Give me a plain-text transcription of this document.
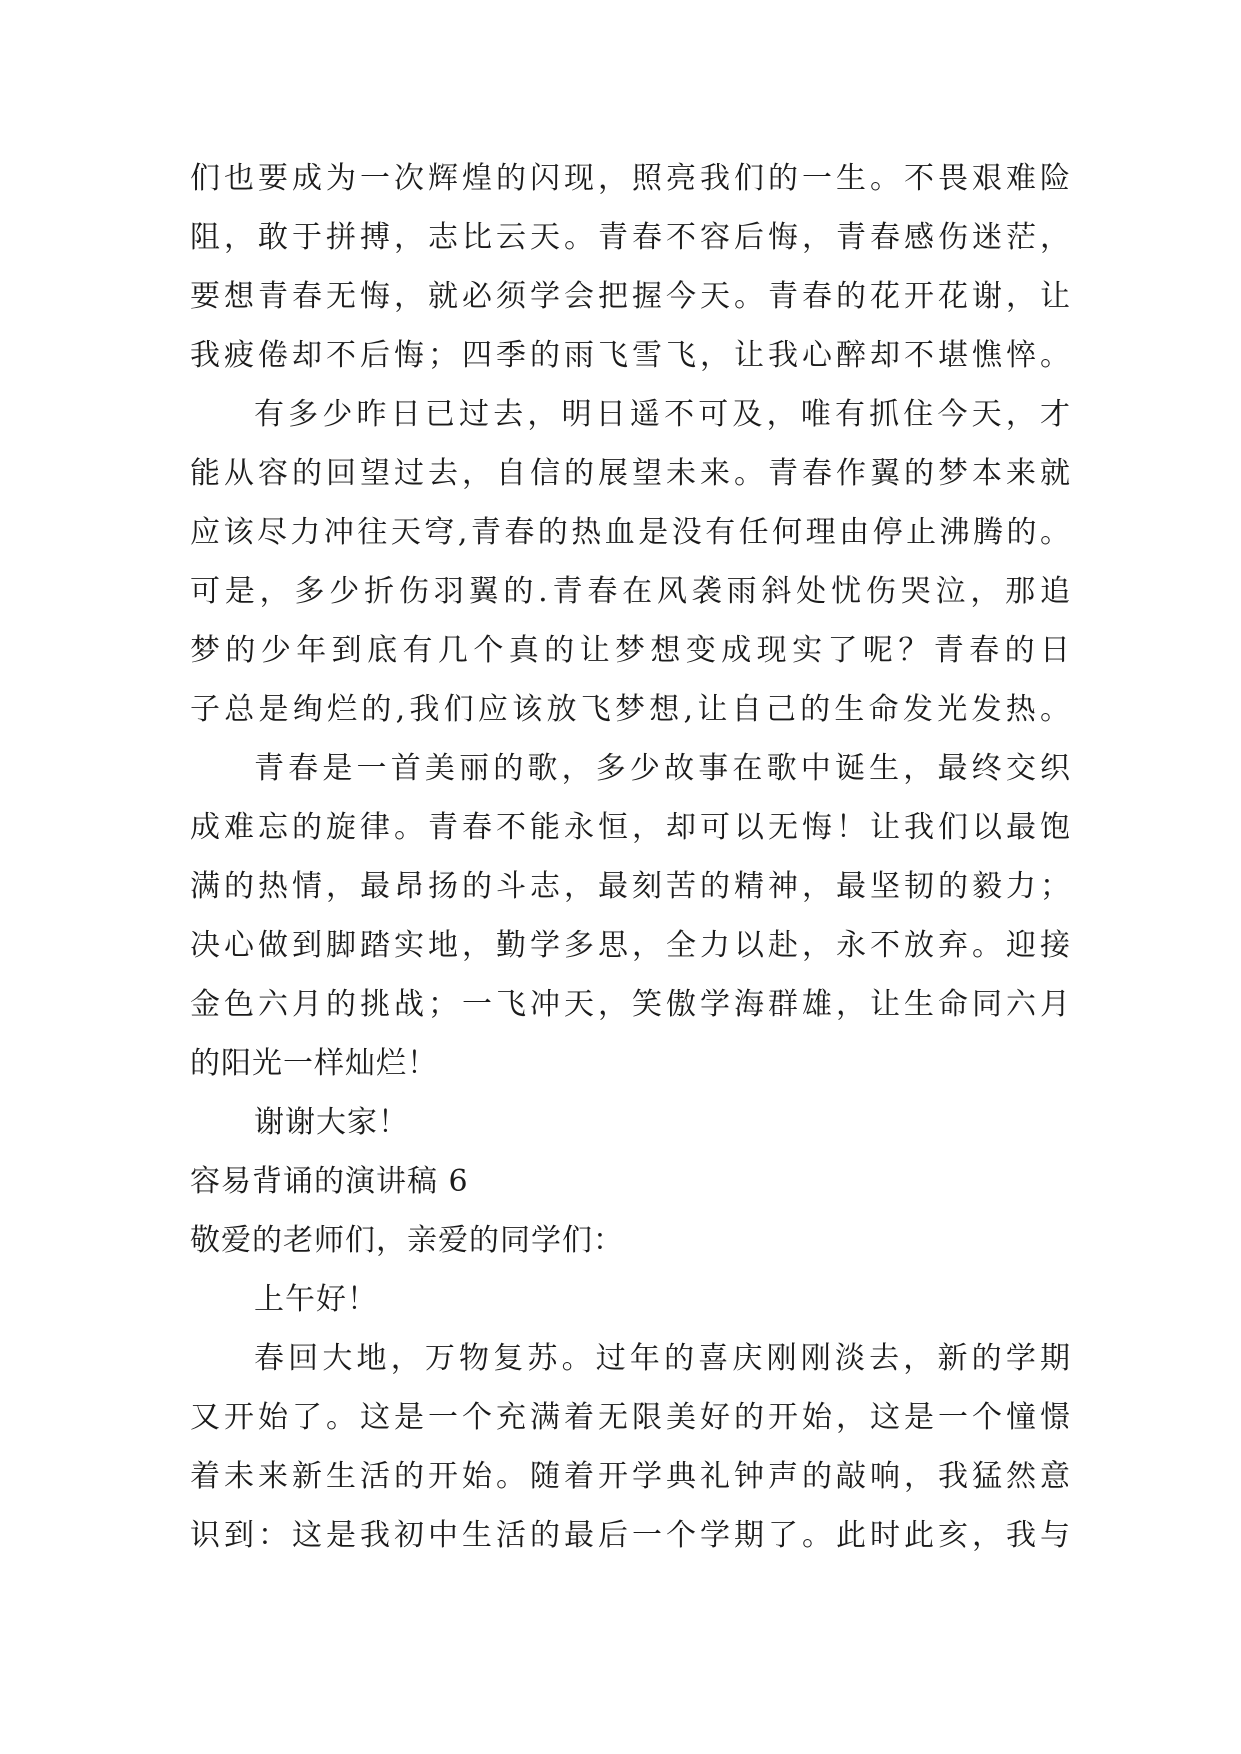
们也要成为一次辉煌的闪现，照亮我们的一生。不畏艰难险
阻，敢于拼搏，志比云天。青春不容后悔，青春感伤迷茫，
要想青春无悔，就必须学会把握今天。青春的花开花谢，让
我疲倦却不后悔；四季的雨飞雪飞，让我心醉却不堪憔悴。
有多少昨日已过去，明日遥不可及，唯有抓住今天，才
能从容的回望过去，自信的展望未来。青春作翼的梦本来就
应该尽力冲往天穹,青春的热血是没有任何理由停止沸腾的。
可是，多少折伤羽翼的.青春在风袭雨斜处忧伤哭泣，那追
梦的少年到底有几个真的让梦想变成现实了呢？青春的日
子总是绚烂的,我们应该放飞梦想,让自己的生命发光发热。
青春是一首美丽的歌，多少故事在歌中诞生，最终交织
成难忘的旋律。青春不能永恒，却可以无悔！让我们以最饱
满的热情，最昂扬的斗志，最刻苦的精神，最坚韧的毅力；
决心做到脚踏实地，勤学多思，全力以赴，永不放弃。迎接
金色六月的挑战；一飞冲天，笑傲学海群雄，让生命同六月
的阳光一样灿烂！
谢谢大家！
容易背诵的演讲稿 6
敬爱的老师们，亲爱的同学们：
上午好！
春回大地，万物复苏。过年的喜庆刚刚淡去，新的学期
又开始了。这是一个充满着无限美好的开始，这是一个憧憬
着未来新生活的开始。随着开学典礼钟声的敲响，我猛然意
识到：这是我初中生活的最后一个学期了。此时此亥，我与
